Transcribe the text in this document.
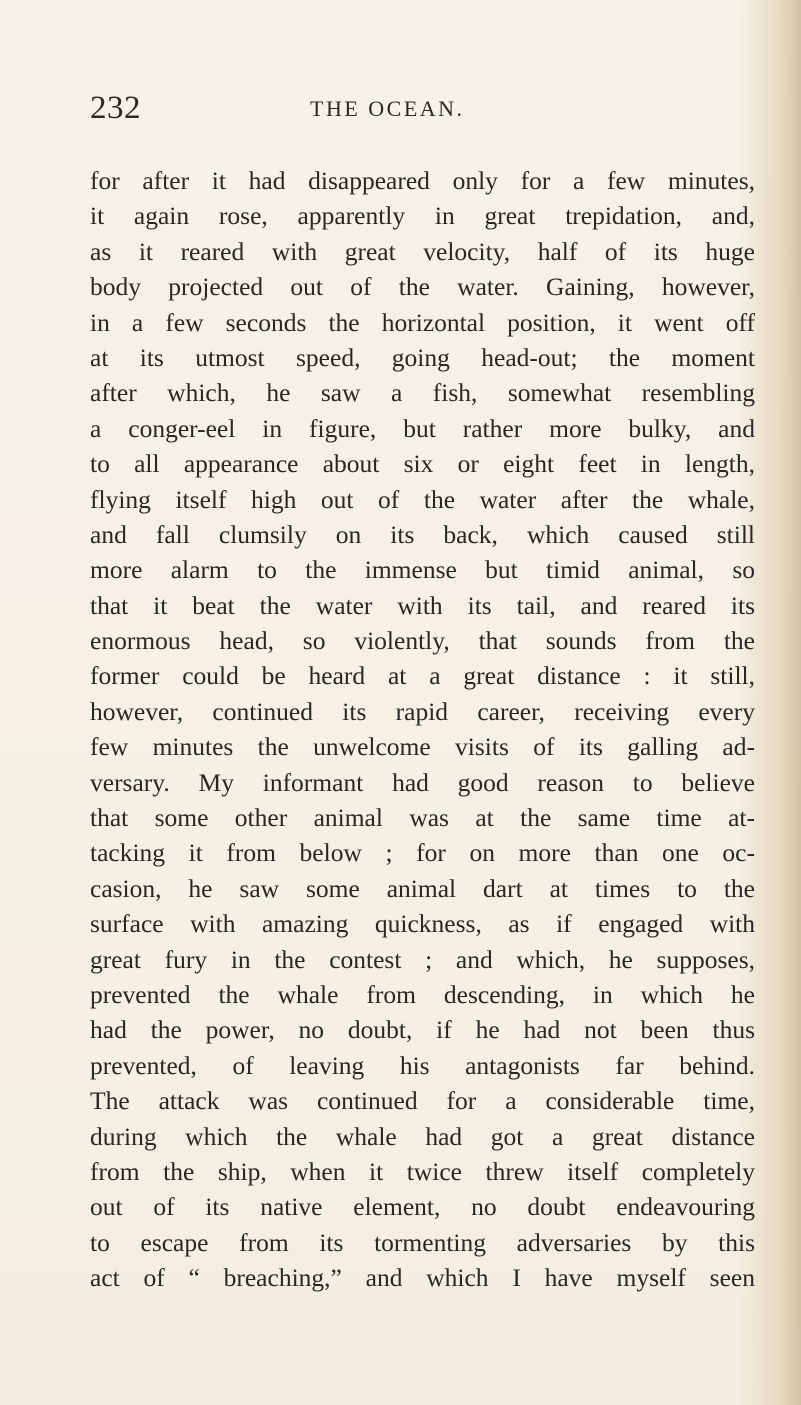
232	THE OCEAN.
for after it had disappeared only for a few minutes,
it again rose, apparently in great trepidation, and,
as it reared with great velocity, half of its huge
body projected out of the water. Gaining, however,
in a few seconds the horizontal position, it went off
at its utmost speed, going head-out; the moment
after which, he saw a fish, somewhat resembling
a conger-eel in figure, but rather more bulky, and
to all appearance about six or eight feet in length,
flying itself high out of the water after the whale,
and fall clumsily on its back, which caused still
more alarm to the immense but timid animal, so
that it beat the water with its tail, and reared its
enormous head, so violently, that sounds from the
former could be heard at a great distance : it still,
however, continued its rapid career, receiving every
few minutes the unwelcome visits of its galling ad-
versary. My informant had good reason to believe
that some other animal was at the same time at-
tacking it from below ; for on more than one oc-
casion, he saw some animal dart at times to the
surface with amazing quickness, as if engaged with
great fury in the contest ; and which, he supposes,
prevented the whale from descending, in which he
had the power, no doubt, if he had not been thus
prevented, of leaving his antagonists far behind.
The attack was continued for a considerable time,
during which the whale had got a great distance
from the ship, when it twice threw itself completely
out of its native element, no doubt endeavouring
to escape from its tormenting adversaries by this
act of “ breaching,” and which I have myself seen
